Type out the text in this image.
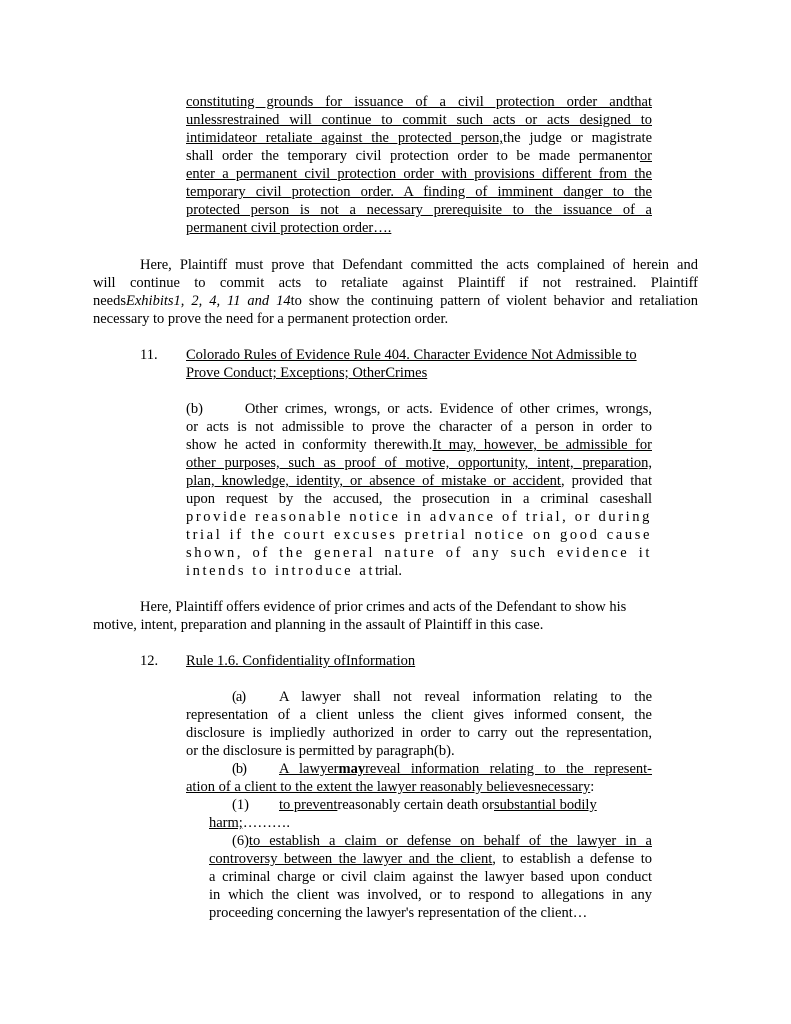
constituting grounds for issuance of a civil protection order andthat
unlessrestrained will continue to commit such acts or acts designed to
intimidateor retaliate against the protected person,the judge or magistrate
shall order the temporary civil protection order to be made permanentor
enter a permanent civil protection order with provisions different from the
temporary civil protection order. A finding of imminent danger to the
protected person is not a necessary prerequisite to the issuance of a
permanent civil protection order….
Here, Plaintiff must prove that Defendant committed the acts complained of herein and
will continue to commit acts to retaliate against Plaintiff if not restrained. Plaintiff
needsExhibits1, 2, 4, 11 and 14to show the continuing pattern of violent behavior and retaliation
necessary to prove the need for a permanent protection order.
11. Colorado Rules of Evidence Rule 404. Character Evidence Not Admissible to
Prove Conduct; Exceptions; OtherCrimes
(b)      Other crimes, wrongs, or acts. Evidence of other crimes, wrongs,
or acts is not admissible to prove the character of a person in order to
show he acted in conformity therewith.It may, however, be admissible for
other purposes, such as proof of motive, opportunity, intent, preparation,
plan, knowledge, identity, or absence of mistake or accident, provided that
upon request by the accused, the prosecution in a criminal caseshall
provide reasonable notice in advance of trial, or during
trial if the court excuses pretrial notice on good cause
shown, of the general nature of any such evidence it
intends to introduce attrial.
Here, Plaintiff offers evidence of prior crimes and acts of the Defendant to show his
motive, intent, preparation and planning in the assault of Plaintiff in this case.
12. Rule 1.6. Confidentiality ofInformation
(a) A lawyer shall not reveal information relating to the
representation of a client unless the client gives informed consent, the
disclosure is impliedly authorized in order to carry out the representation,
or the disclosure is permitted by paragraph(b).
(b) A lawyermayreveal information relating to the represent-
ation of a client to the extent the lawyer reasonably believesnecessary:
(1) to preventreasonably certain death orsubstantial bodily
harm;……….
(6)to establish a claim or defense on behalf of the lawyer in a
controversy between the lawyer and the client, to establish a defense to
a criminal charge or civil claim against the lawyer based upon conduct
in which the client was involved, or to respond to allegations in any
proceeding concerning the lawyer's representation of the client…
